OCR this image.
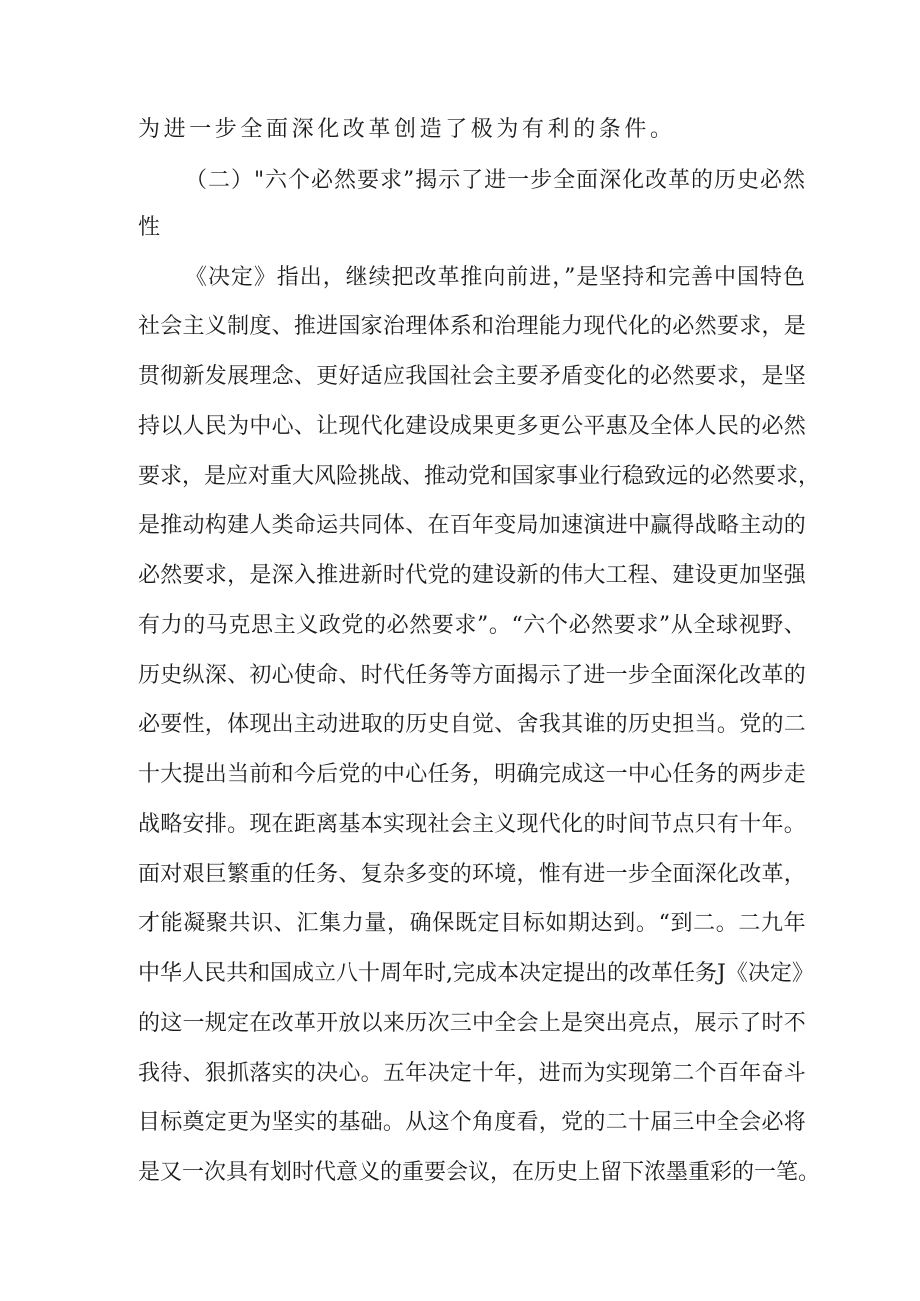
为进一步全面深化改革创造了极为有利的条件。
（二）"六个必然要求”揭示了进一步全面深化改革的历史必然
性
《决定》指出，继续把改革推向前进，”是坚持和完善中国特色
社会主义制度、推进国家治理体系和治理能力现代化的必然要求，是
贯彻新发展理念、更好适应我国社会主要矛盾变化的必然要求，是坚
持以人民为中心、让现代化建设成果更多更公平惠及全体人民的必然
要求，是应对重大风险挑战、推动党和国家事业行稳致远的必然要求，
是推动构建人类命运共同体、在百年变局加速演进中赢得战略主动的
必然要求，是深入推进新时代党的建设新的伟大工程、建设更加坚强
有力的马克思主义政党的必然要求”。“六个必然要求”从全球视野、
历史纵深、初心使命、时代任务等方面揭示了进一步全面深化改革的
必要性，体现出主动进取的历史自觉、舍我其谁的历史担当。党的二
十大提出当前和今后党的中心任务，明确完成这一中心任务的两步走
战略安排。现在距离基本实现社会主义现代化的时间节点只有十年。
面对艰巨繁重的任务、复杂多变的环境，惟有进一步全面深化改革，
才能凝聚共识、汇集力量，确保既定目标如期达到。“到二。二九年
中华人民共和国成立八十周年时,完成本决定提出的改革任务J《决定》
的这一规定在改革开放以来历次三中全会上是突出亮点，展示了时不
我待、狠抓落实的决心。五年决定十年，进而为实现第二个百年奋斗
目标奠定更为坚实的基础。从这个角度看，党的二十届三中全会必将
是又一次具有划时代意义的重要会议，在历史上留下浓墨重彩的一笔。
